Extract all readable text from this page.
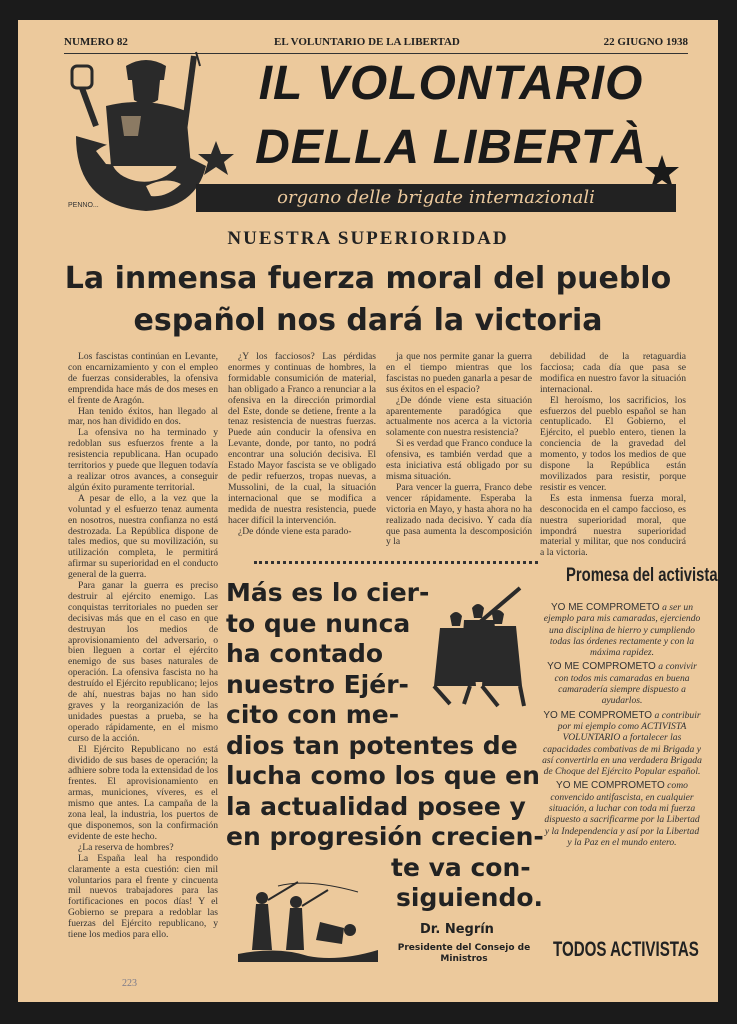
NUMERO 82	EL VOLUNTARIO DE LA LIBERTAD	22 GIUGNO 1938
IL VOLONTARIO
DELLA LIBERTÀ
organo delle brigate internazionali
PENNO...
NUESTRA SUPERIORIDAD
La inmensa fuerza moral del pueblo
español nos dará la victoria

Los fascistas continúan en Levante, con encarnizamiento y con el empleo de fuerzas considerables, la ofensiva emprendida hace más de dos meses en el frente de Aragón.

Han tenido éxitos, han llegado al mar, nos han dividido en dos.

La ofensiva no ha terminado y redoblan sus esfuerzos frente a la resistencia republicana. Han ocupado territorios y puede que lleguen todavía a realizar otros avances, a conseguir algún éxito puramente territorial.

A pesar de ello, a la vez que la voluntad y el esfuerzo tenaz aumenta en nosotros, nuestra confianza no está destrozada. La República dispone de tales medios, que su movilización, su utilización completa, le permitirá afirmar su superioridad en el conducto general de la guerra.

Para ganar la guerra es preciso destruir al ejército enemigo. Las conquistas territoriales no pueden ser decisivas más que en el caso en que destruyan los medios de aprovisionamiento del adversario, o bien lleguen a cortar el ejército enemigo de sus bases naturales de operación. La ofensiva fascista no ha destruído el Ejército republicano; lejos de ahí, nuestras bajas no han sido graves y la reorganización de las unidades puestas a prueba, se ha operado rápidamente, en el mismo curso de la acción.

El Ejército Republicano no está dividido de sus bases de operación; la adhiere sobre toda la extensidad de los frentes. El aprovisionamiento en armas, municiones, víveres, es el mismo que antes. La campaña de la zona leal, la industria, los puertos de que disponemos, son la confirmación evidente de este hecho.

¿La reserva de hombres?

La España leal ha respondido claramente a esta cuestión: cien mil voluntarios para el frente y cincuenta mil nuevos trabajadores para las fortificaciones en pocos días! Y el Gobierno se prepara a redoblar las fuerzas del Ejército republicano, y tiene los medios para ello.

¿Y los facciosos? Las pérdidas enormes y continuas de hombres, la formidable consumición de material, han obligado a Franco a renunciar a la ofensiva en la dirección primordial del Este, donde se detiene, frente a la tenaz resistencia de nuestras fuerzas. Puede aún conducir la ofensiva en Levante, donde, por tanto, no podrá encontrar una solución decisiva. El Estado Mayor fascista se ve obligado de pedir refuerzos, tropas nuevas, a Mussolini, de la cual, la situación internacional que se modifica a medida de nuestra resistencia, puede hacer difícil la intervención.

¿De dónde viene esta parado-

ja que nos permite ganar la guerra en el tiempo mientras que los fascistas no pueden ganarla a pesar de sus éxitos en el espacio?

¿De dónde viene esta situación aparentemente paradógica que actualmente nos acerca a la victoria solamente con nuestra resistencia?

Si es verdad que Franco conduce la ofensiva, es también verdad que a esta iniciativa está obligado por su misma situación.

Para vencer la guerra, Franco debe vencer rápidamente. Esperaba la victoria en Mayo, y hasta ahora no ha realizado nada decisivo. Y cada día que pasa aumenta la descomposición y la

debilidad de la retaguardia facciosa; cada día que pasa se modifica en nuestro favor la situación internacional.

El heroísmo, los sacrificios, los esfuerzos del pueblo español se han centuplicado. El Gobierno, el Ejército, el pueblo entero, tienen la conciencia de la gravedad del momento, y todos los medios de que dispone la República están movilizados para resistir, porque resistir es vencer.

Es esta inmensa fuerza moral, desconocida en el campo faccioso, es nuestra superioridad moral, que impondrá nuestra superioridad material y militar, que nos conducirá a la victoria.

Más es lo cier-
to que nunca
ha contado
nuestro Ejér-
cito con me-
dios tan potentes de
lucha como los que en
la actualidad posee y
en progresión crecien-
te va con-
siguiendo.
Dr. Negrín
Presidente del Consejo de Ministros
Promesa del activista

YO ME COMPROMETO a ser un ejemplo para mis camaradas, ejerciendo una disciplina de hierro y cumpliendo todas las órdenes rectamente y con la máxima rapidez.

YO ME COMPROMETO a convivir con todos mis camaradas en buena camaradería siempre dispuesto a ayudarlos.

YO ME COMPROMETO a contribuir por mi ejemplo como ACTIVISTA VOLUNTARIO a fortalecer las capacidades combativas de mi Brigada y así convertirla en una verdadera Brigada de Choque del Ejército Popular español.

YO ME COMPROMETO como convencido antifascista, en cualquier situación, a luchar con toda mi fuerza dispuesto a sacrificarme por la Libertad y la Independencia y así por la Libertad y la Paz en el mundo entero.

TODOS ACTIVISTAS
223
